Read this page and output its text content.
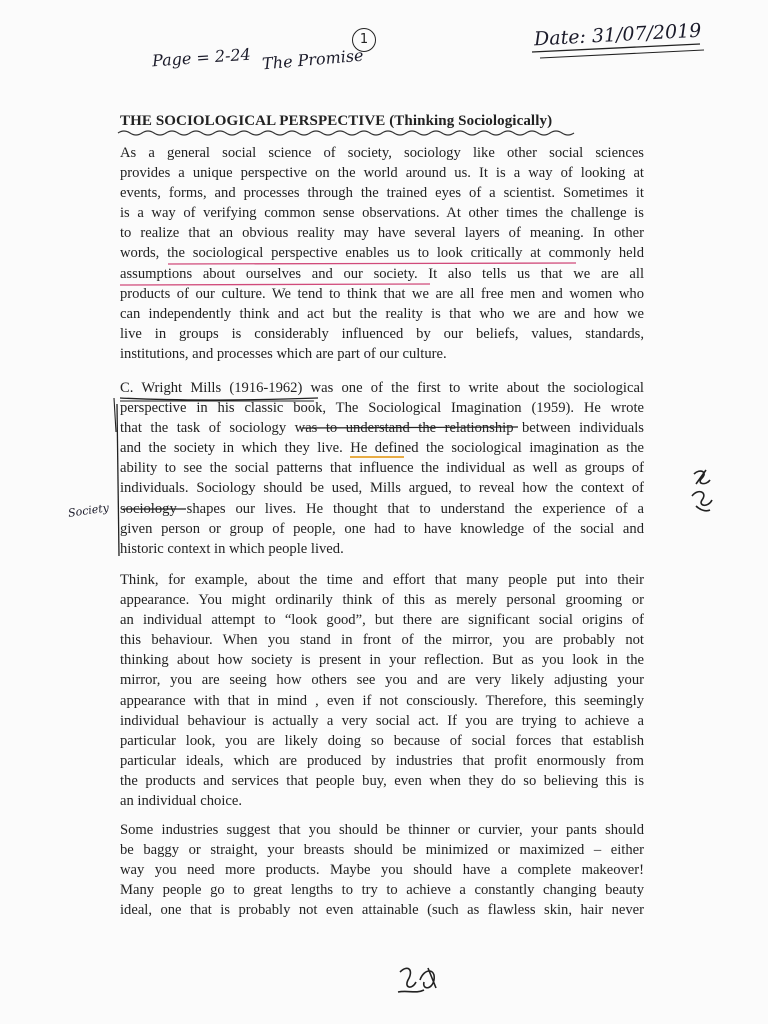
Page = 2-24 The Promise
1	Date: 31/07/2019
Society
THE SOCIOLOGICAL PERSPECTIVE (Thinking Sociologically)
As a general social science of society, sociology like other social sciences
provides a unique perspective on the world around us. It is a way of looking at
events, forms, and processes through the trained eyes of a scientist. Sometimes it
is a way of verifying common sense observations. At other times the challenge is
to realize that an obvious reality may have several layers of meaning. In other
words, the sociological perspective enables us to look critically at commonly held
assumptions about ourselves and our society. It also tells us that we are all
products of our culture. We tend to think that we are all free men and women who
can independently think and act but the reality is that who we are and how we
live in groups is considerably influenced by our beliefs, values, standards,
institutions, and processes which are part of our culture.
C. Wright Mills (1916-1962) was one of the first to write about the sociological
perspective in his classic book, The Sociological Imagination (1959). He wrote
that the task of sociology was to understand the relationship between individuals
and the society in which they live. He defined the sociological imagination as the
ability to see the social patterns that influence the individual as well as groups of
individuals. Sociology should be used, Mills argued, to reveal how the context of
sociology shapes our lives. He thought that to understand the experience of a
given person or group of people, one had to have knowledge of the social and
historic context in which people lived.
Think, for example, about the time and effort that many people put into their
appearance. You might ordinarily think of this as merely personal grooming or
an individual attempt to “look good”, but there are significant social origins of
this behaviour. When you stand in front of the mirror, you are probably not
thinking about how society is present in your reflection. But as you look in the
mirror, you are seeing how others see you and are very likely adjusting your
appearance with that in mind , even if not consciously. Therefore, this seemingly
individual behaviour is actually a very social act. If you are trying to achieve a
particular look, you are likely doing so because of social forces that establish
particular ideals, which are produced by industries that profit enormously from
the products and services that people buy, even when they do so believing this is
an individual choice.
Some industries suggest that you should be thinner or curvier, your pants should
be baggy or straight, your breasts should be minimized or maximized – either
way you need more products. Maybe you should have a complete makeover!
Many people go to great lengths to try to achieve a constantly changing beauty
ideal, one that is probably not even attainable (such as flawless skin, hair never
